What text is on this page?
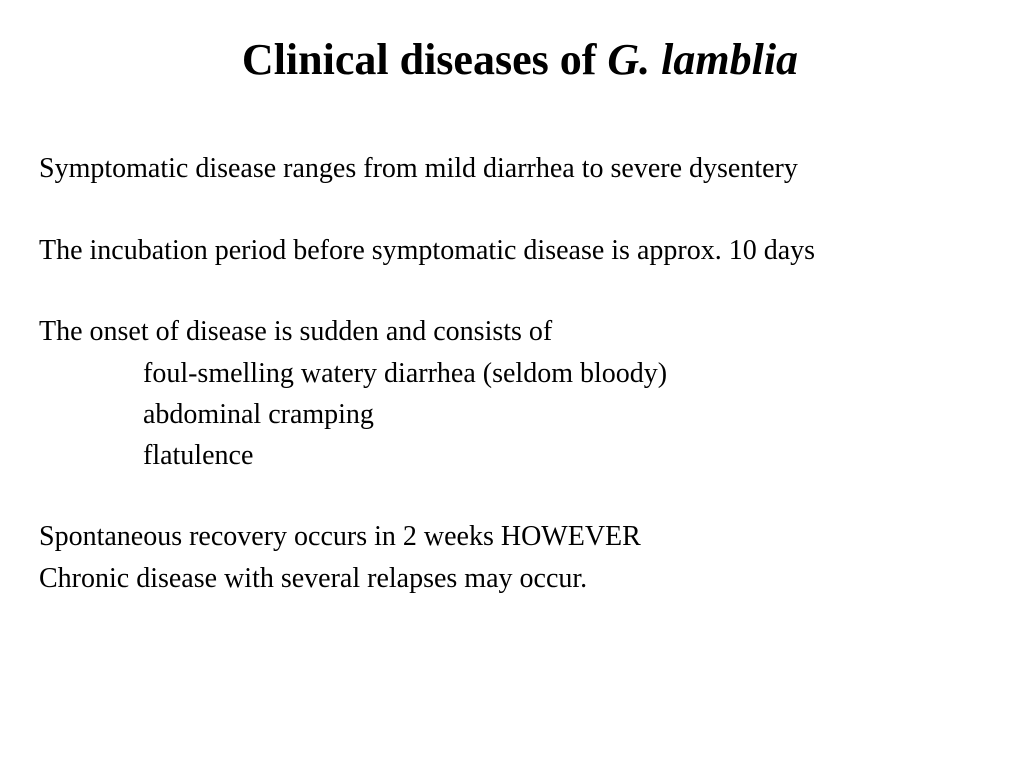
Clinical diseases of G. lamblia
Symptomatic disease ranges from mild diarrhea to severe dysentery
The incubation period before symptomatic disease is approx. 10 days
The onset of disease is sudden and consists of
foul-smelling watery diarrhea (seldom bloody)
abdominal cramping
flatulence
Spontaneous recovery occurs in 2 weeks HOWEVER
Chronic disease with several relapses may occur.
